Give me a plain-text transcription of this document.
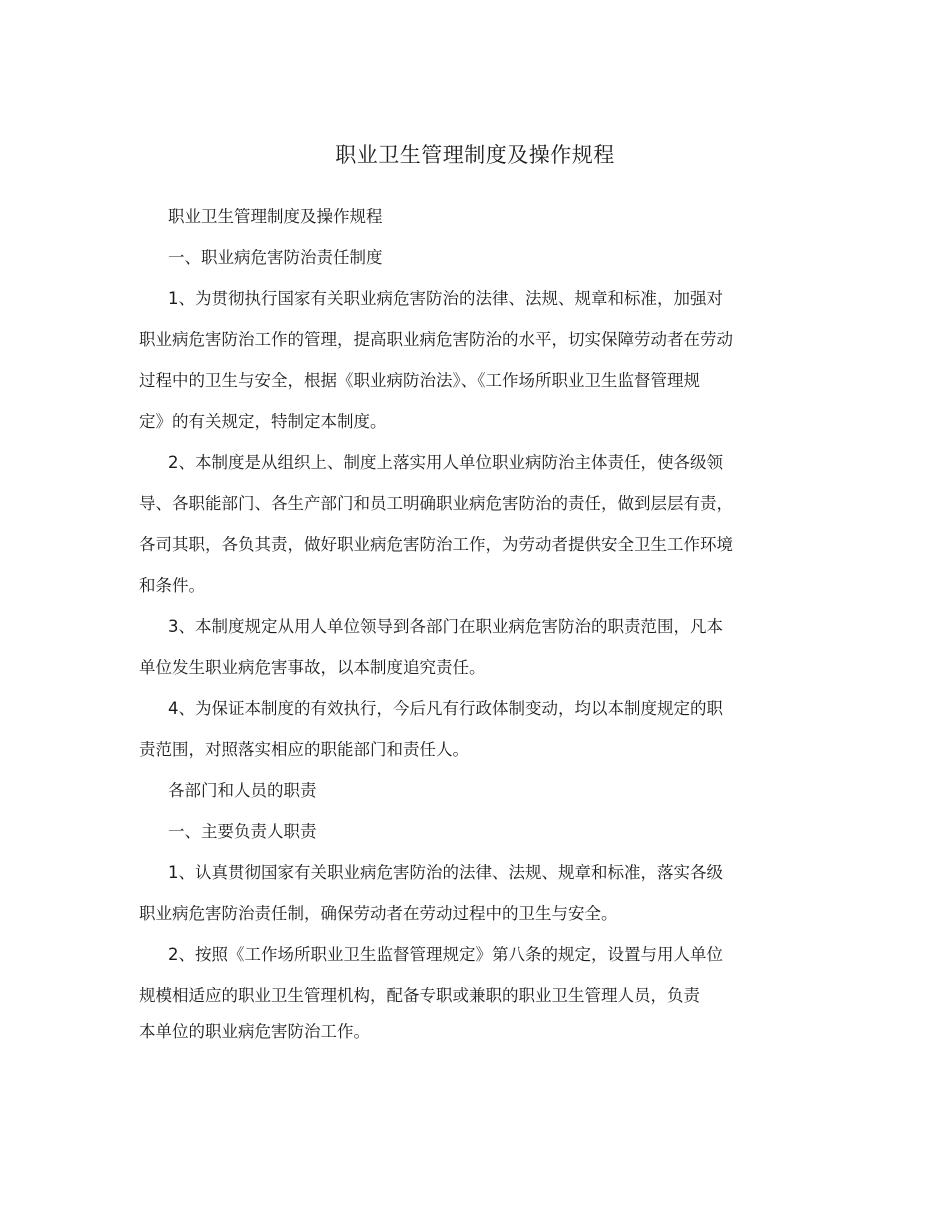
职业卫生管理制度及操作规程
职业卫生管理制度及操作规程
一、职业病危害防治责任制度
1、为贯彻执行国家有关职业病危害防治的法律、法规、规章和标准，加强对
职业病危害防治工作的管理，提高职业病危害防治的水平，切实保障劳动者在劳动
过程中的卫生与安全，根据《职业病防治法》、《工作场所职业卫生监督管理规
定》的有关规定，特制定本制度。
2、本制度是从组织上、制度上落实用人单位职业病防治主体责任，使各级领
导、各职能部门、各生产部门和员工明确职业病危害防治的责任，做到层层有责，
各司其职，各负其责，做好职业病危害防治工作，为劳动者提供安全卫生工作环境
和条件。
3、本制度规定从用人单位领导到各部门在职业病危害防治的职责范围，凡本
单位发生职业病危害事故，以本制度追究责任。
4、为保证本制度的有效执行，今后凡有行政体制变动，均以本制度规定的职
责范围，对照落实相应的职能部门和责任人。
各部门和人员的职责
一、主要负责人职责
1、认真贯彻国家有关职业病危害防治的法律、法规、规章和标准，落实各级
职业病危害防治责任制，确保劳动者在劳动过程中的卫生与安全。
2、按照《工作场所职业卫生监督管理规定》第八条的规定，设置与用人单位
规模相适应的职业卫生管理机构，配备专职或兼职的职业卫生管理人员，负责
本单位的职业病危害防治工作。
